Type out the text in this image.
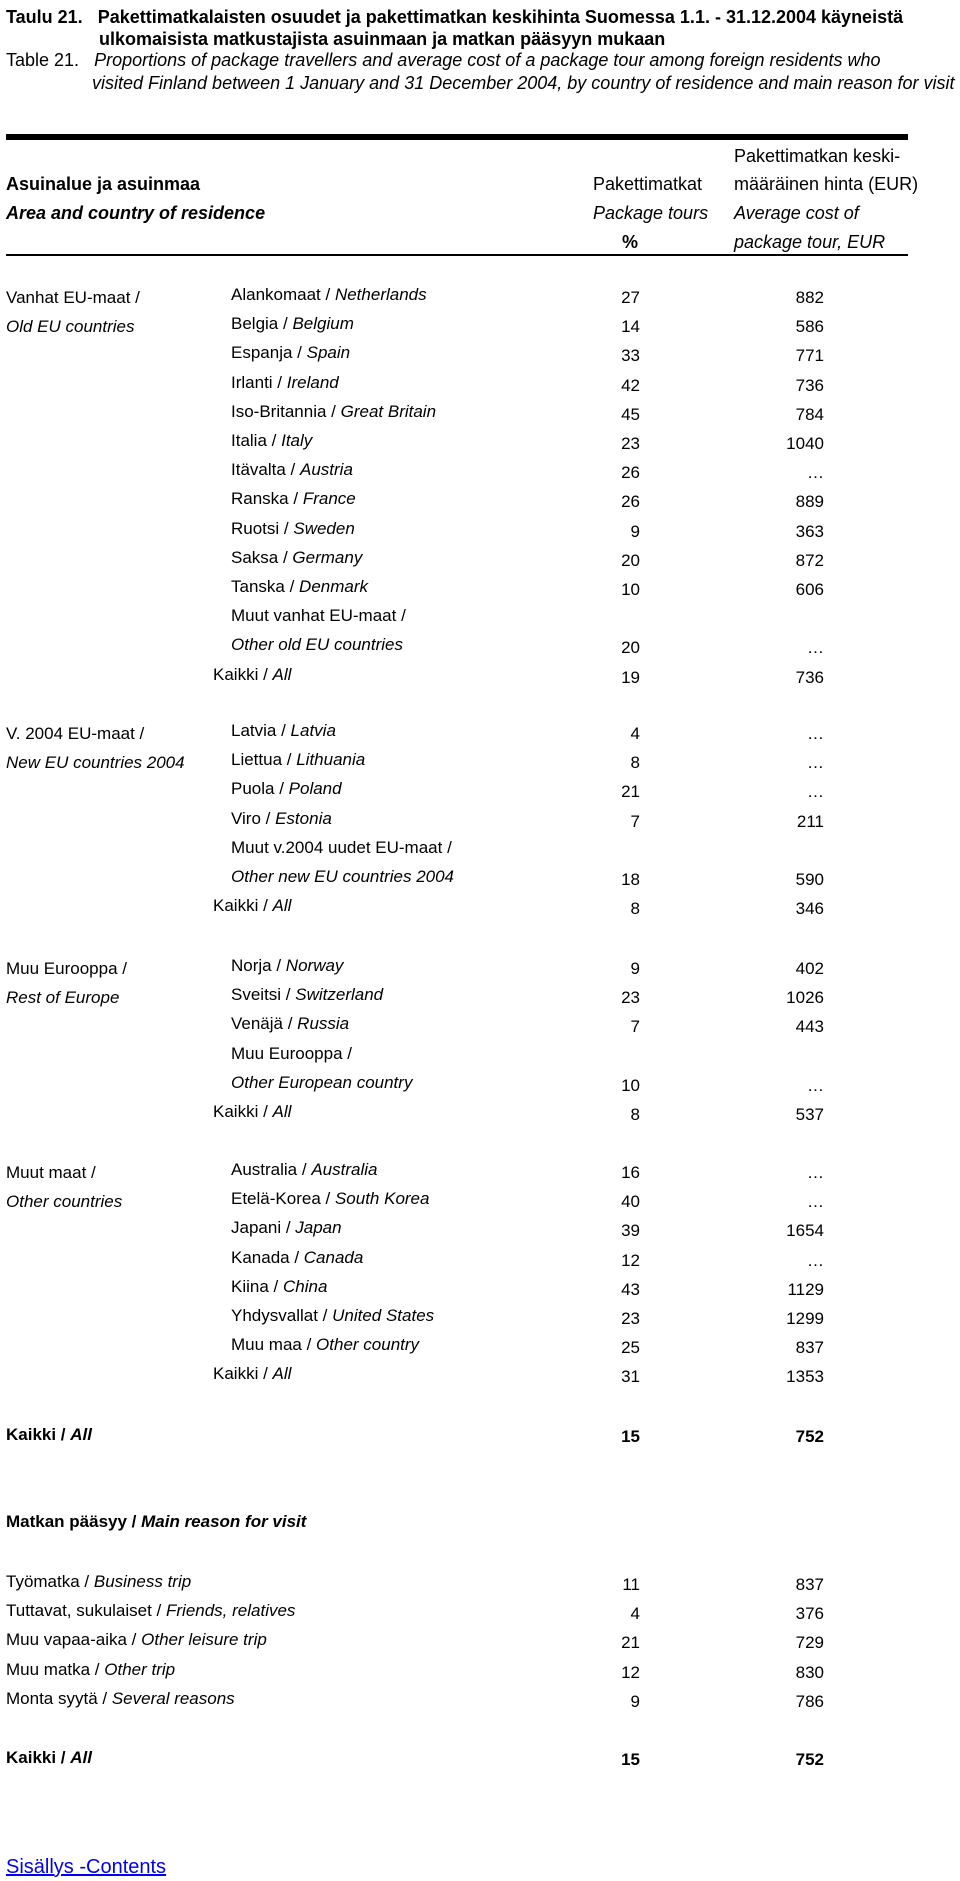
Taulu 21. Pakettimatkalaisten osuudet ja pakettimatkan keskihinta Suomessa 1.1. - 31.12.2004 käyneistä
ulkomaisista matkustajista asuinmaan ja matkan pääsyyn mukaan
Table 21. Proportions of package travellers and average cost of a package tour among foreign residents who
visited Finland between 1 January and 31 December 2004, by country of residence and main reason for visit
Asuinalue ja asuinmaa
Area and country of residence
Pakettimatkat
Package tours
%
Pakettimatkan keski-
määräinen hinta (EUR)
Average cost of
package tour, EUR
Vanhat EU-maat /
Old EU countries
Alankomaat / Netherlands	27	882
Belgia / Belgium	14	586
Espanja / Spain	33	771
Irlanti / Ireland	42	736
Iso-Britannia / Great Britain	45	784
Italia / Italy	23	1040
Itävalta / Austria	26	…
Ranska / France	26	889
Ruotsi / Sweden	9	363
Saksa / Germany	20	872
Tanska / Denmark	10	606
Muut vanhat EU-maat /
Other old EU countries	20	…
Kaikki / All	19	736
V. 2004 EU-maat /
New EU countries 2004
Latvia / Latvia	4	…
Liettua / Lithuania	8	…
Puola / Poland	21	…
Viro / Estonia	7	211
Muut v.2004 uudet EU-maat /
Other new EU countries 2004	18	590
Kaikki / All	8	346
Muu Eurooppa /
Rest of Europe
Norja / Norway	9	402
Sveitsi / Switzerland	23	1026
Venäjä / Russia	7	443
Muu Eurooppa /
Other European country	10	…
Kaikki / All	8	537
Muut maat /
Other countries
Australia / Australia	16	…
Etelä-Korea / South Korea	40	…
Japani / Japan	39	1654
Kanada / Canada	12	…
Kiina / China	43	1129
Yhdysvallat / United States	23	1299
Muu maa / Other country	25	837
Kaikki / All	31	1353
Kaikki / All	15	752
Matkan pääsyy / Main reason for visit
Työmatka / Business trip	11	837
Tuttavat, sukulaiset / Friends, relatives	4	376
Muu vapaa-aika / Other leisure trip	21	729
Muu matka / Other trip	12	830
Monta syytä / Several reasons	9	786
Kaikki / All	15	752
Sisällys -Contents
